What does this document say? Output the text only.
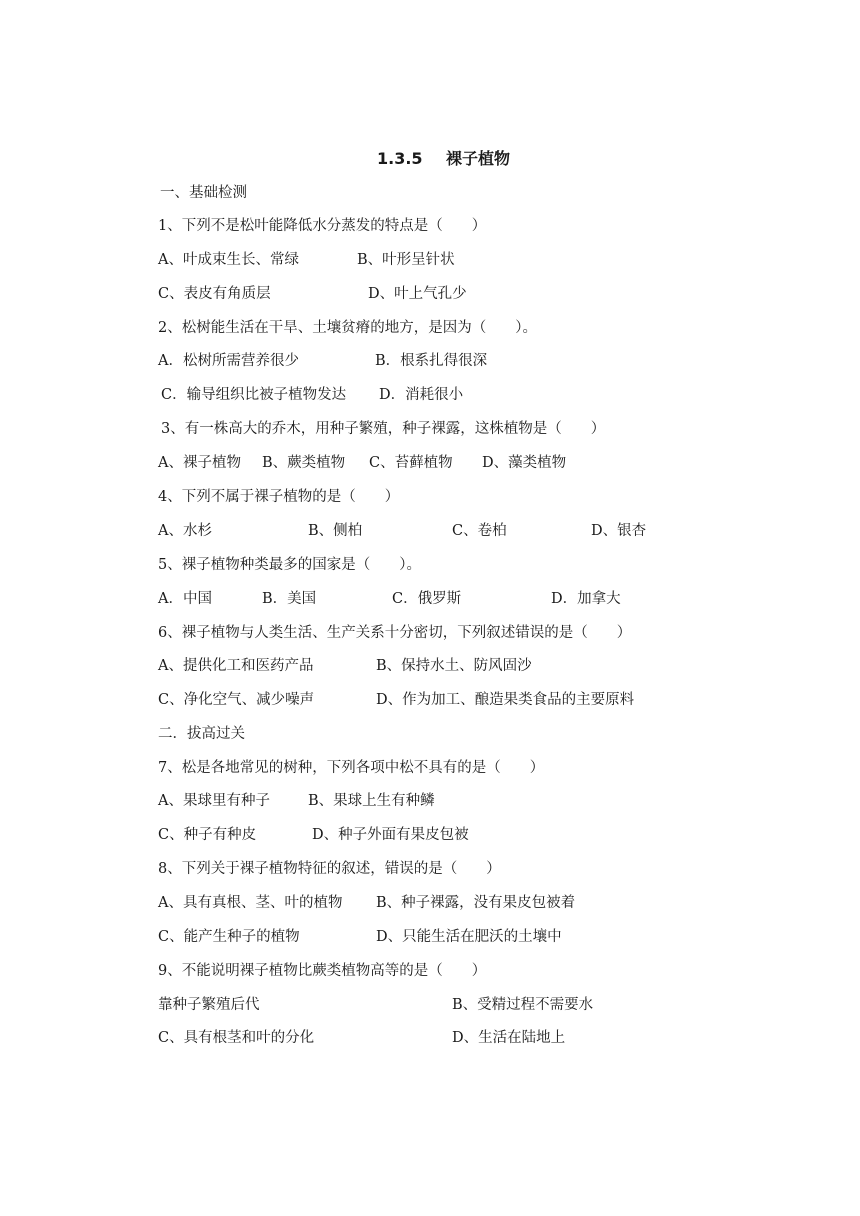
1.3.5 裸子植物
一、基础检测
1、下列不是松叶能降低水分蒸发的特点是（　　）
A、叶成束生长、常绿	B、叶形呈针状
C、表皮有角质层	D、叶上气孔少
2、松树能生活在干旱、土壤贫瘠的地方，是因为（　　）。
A．松树所需营养很少	B．根系扎得很深
C．输导组织比被子植物发达 D．消耗很小
3、有一株高大的乔木，用种子繁殖，种子裸露，这株植物是（　　）
A、裸子植物 B、蕨类植物 C、苔藓植物 D、藻类植物
4、下列不属于裸子植物的是（　　）
A、水杉	B、侧柏	C、卷柏	D、银杏
5、裸子植物种类最多的国家是（　　）。
A．中国	B．美国	C．俄罗斯	D．加拿大
6、裸子植物与人类生活、生产关系十分密切，下列叙述错误的是（　　）
A、提供化工和医药产品	B、保持水土、防风固沙
C、净化空气、减少噪声	D、作为加工、酿造果类食品的主要原料
二．拔高过关
7、松是各地常见的树种，下列各项中松不具有的是（　　）
A、果球里有种子	B、果球上生有种鳞
C、种子有种皮	D、种子外面有果皮包被
8、下列关于裸子植物特征的叙述，错误的是（　　）
A、具有真根、茎、叶的植物 B、种子裸露，没有果皮包被着
C、能产生种子的植物	D、只能生活在肥沃的土壤中
9、不能说明裸子植物比蕨类植物高等的是（　　）
靠种子繁殖后代	B、受精过程不需要水
C、具有根茎和叶的分化	D、生活在陆地上
